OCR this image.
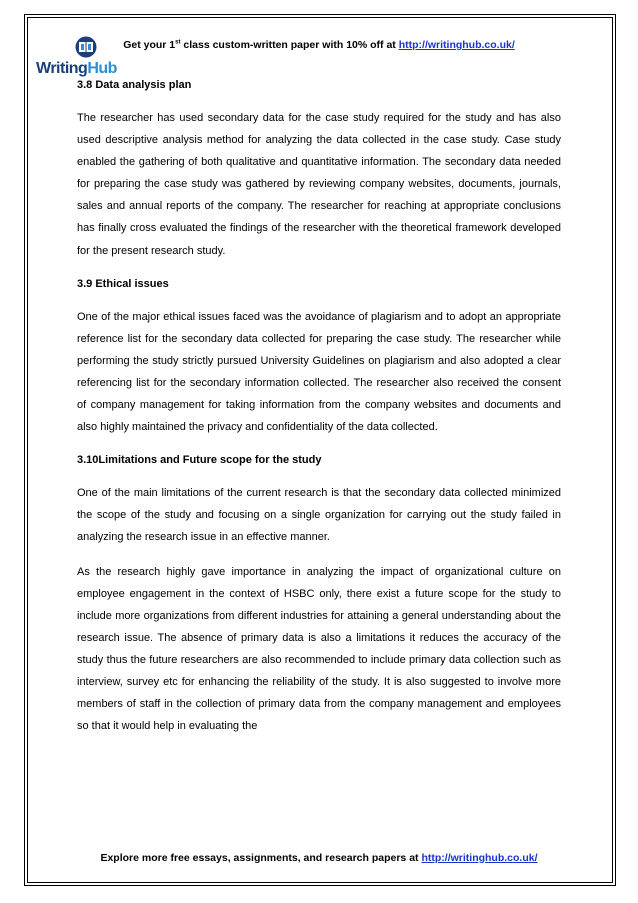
WritingHub
Get your 1st class custom-written paper with 10% off at http://writinghub.co.uk/
3.8 Data analysis plan

The researcher has used secondary data for the case study required for the study and has also used descriptive analysis method for analyzing the data collected in the case study. Case study enabled the gathering of both qualitative and quantitative information. The secondary data needed for preparing the case study was gathered by reviewing company websites, documents, journals, sales and annual reports of the company. The researcher for reaching at appropriate conclusions has finally cross evaluated the findings of the researcher with the theoretical framework developed for the present research study.

3.9 Ethical issues

One of the major ethical issues faced was the avoidance of plagiarism and to adopt an appropriate reference list for the secondary data collected for preparing the case study. The researcher while performing the study strictly pursued University Guidelines on plagiarism and also adopted a clear referencing list for the secondary information collected. The researcher also received the consent of company management for taking information from the company websites and documents and also highly maintained the privacy and confidentiality of the data collected.

3.10Limitations and Future scope for the study

One of the main limitations of the current research is that the secondary data collected minimized the scope of the study and focusing on a single organization for carrying out the study failed in analyzing the research issue in an effective manner.

As the research highly gave importance in analyzing the impact of organizational culture on employee engagement in the context of HSBC only, there exist a future scope for the study to include more organizations from different industries for attaining a general understanding about the research issue. The absence of primary data is also a limitations it reduces the accuracy of the study thus the future researchers are also recommended to include primary data collection such as interview, survey etc for enhancing the reliability of the study. It is also suggested to involve more members of staff in the collection of primary data from the company management and employees so that it would help in evaluating the

Explore more free essays, assignments, and research papers at http://writinghub.co.uk/
